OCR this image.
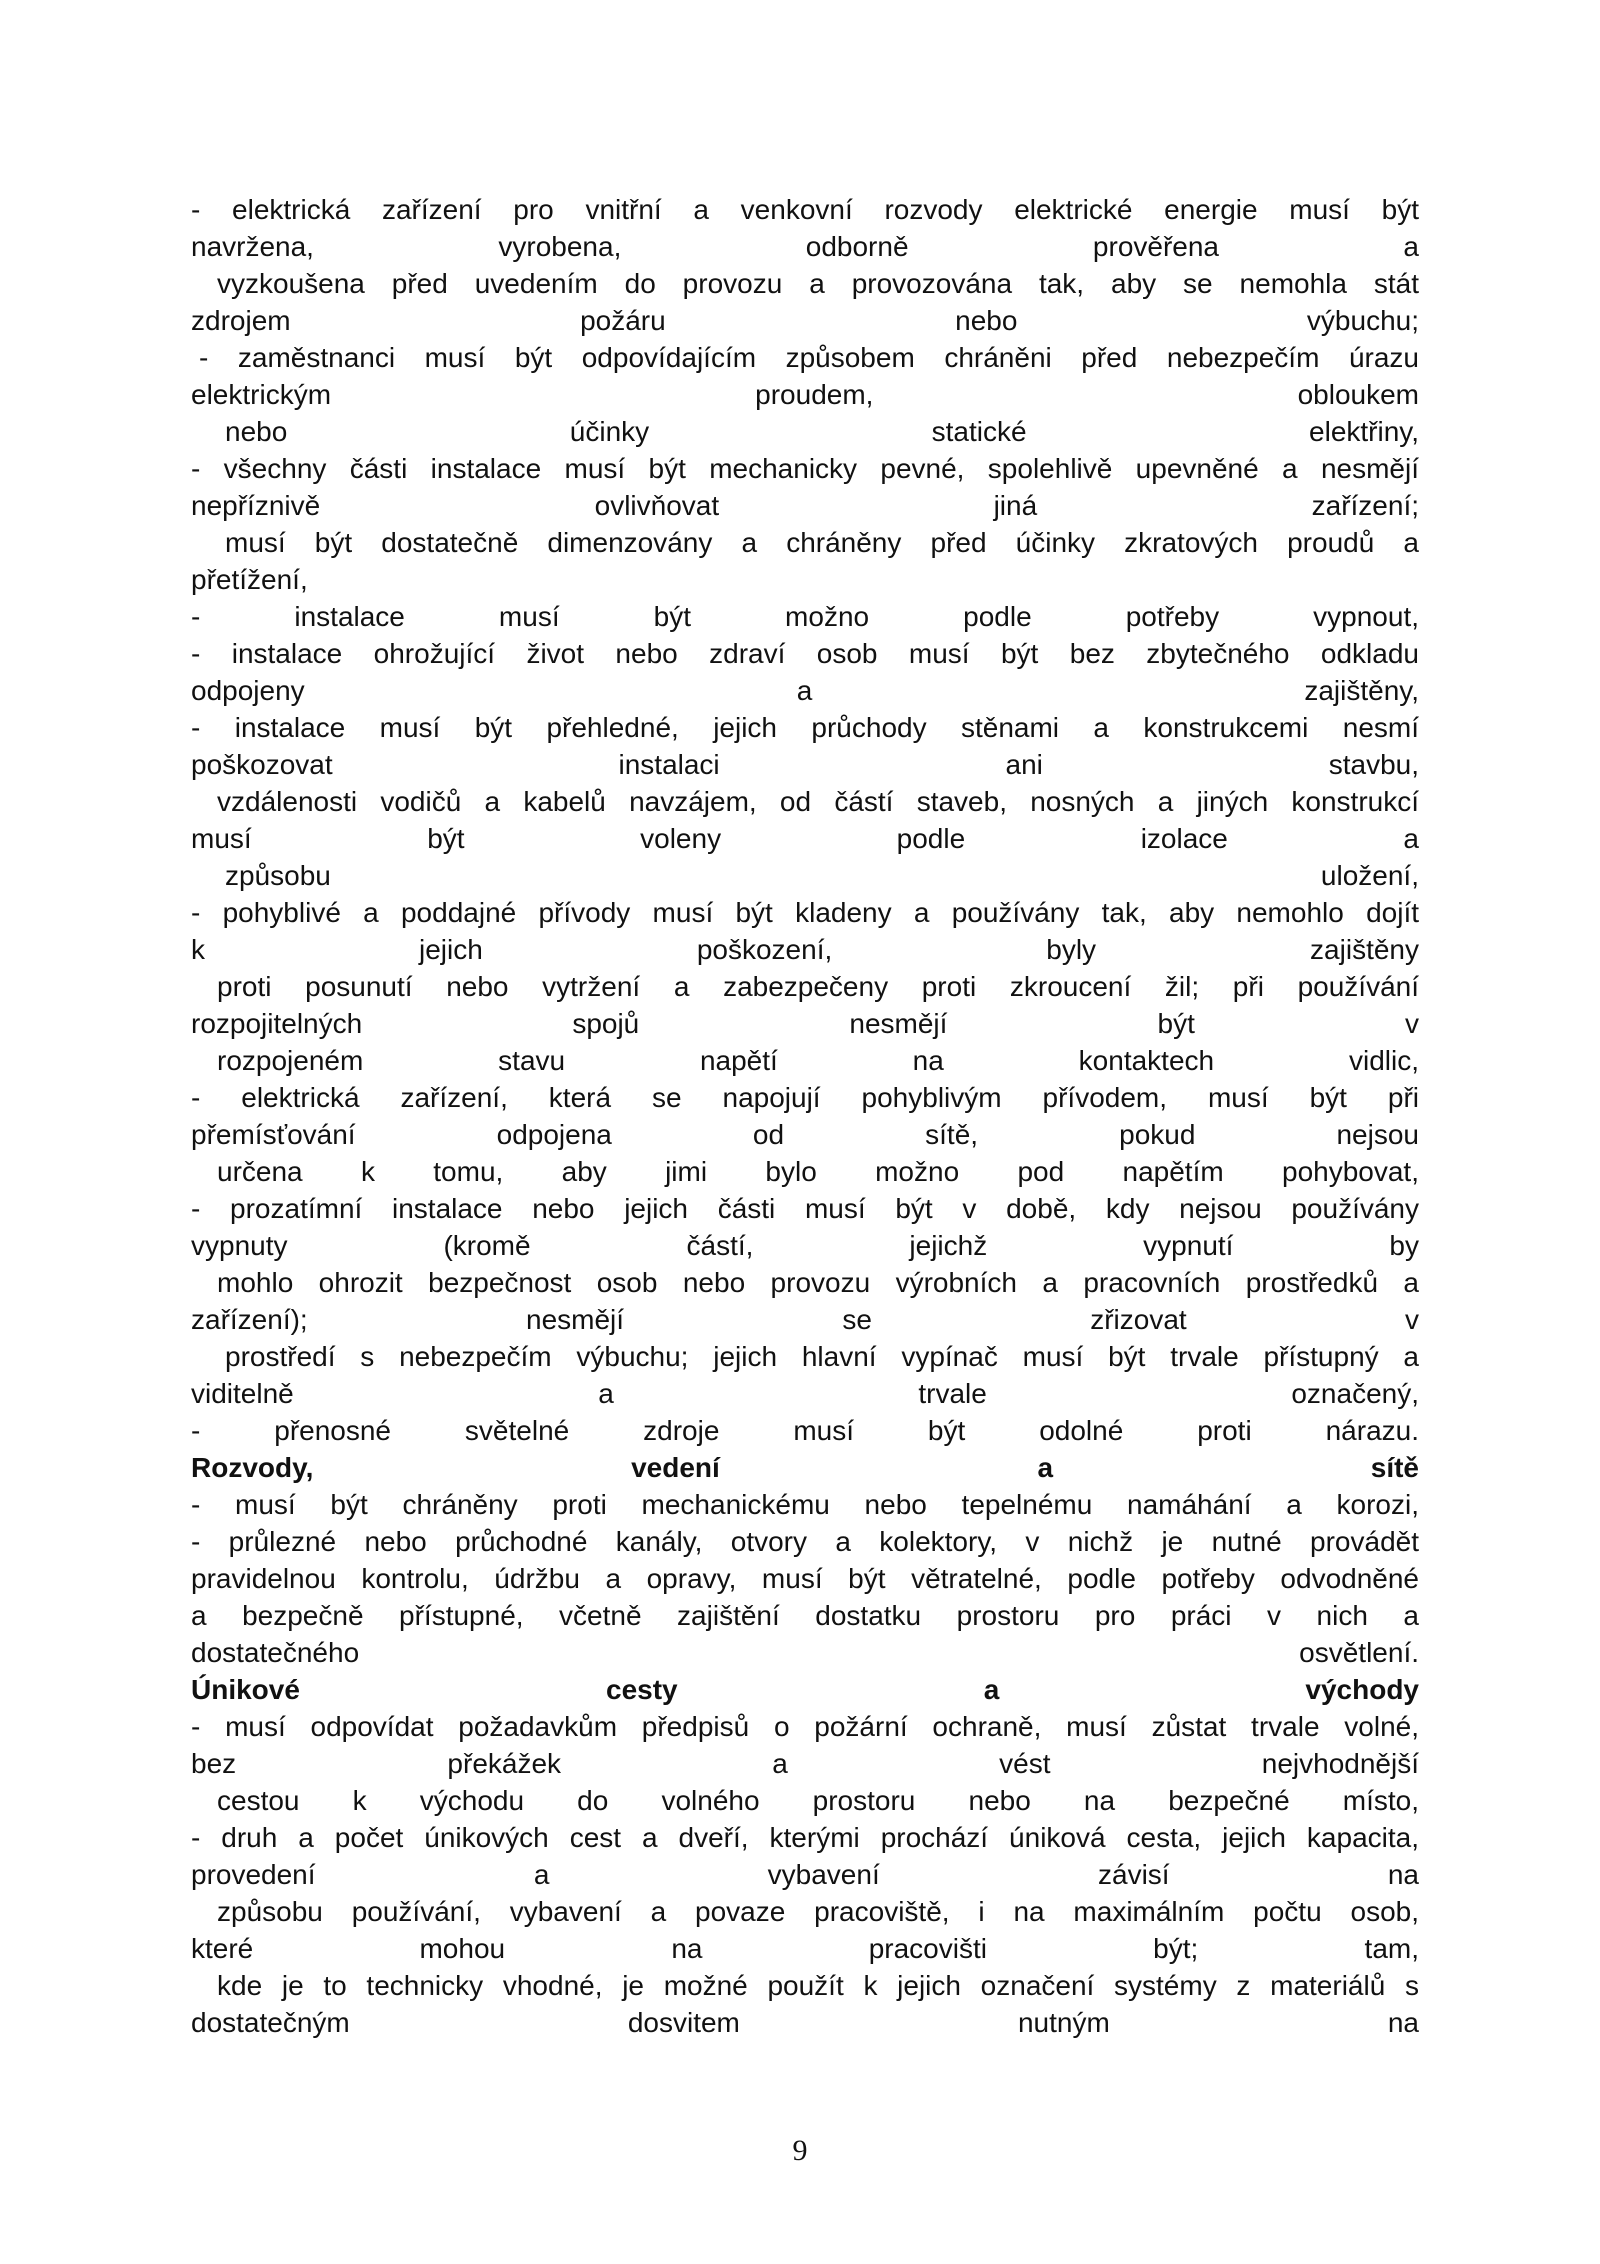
- elektrická zařízení pro vnitřní a venkovní rozvody elektrické energie musí být
navržena, vyrobena, odborně prověřena a
vyzkoušena před uvedením do provozu a provozována tak, aby se nemohla stát
zdrojem požáru nebo výbuchu;
- zaměstnanci musí být odpovídajícím způsobem chráněni před nebezpečím úrazu
elektrickým proudem, obloukem
nebo účinky statické elektřiny,
- všechny části instalace musí být mechanicky pevné, spolehlivě upevněné a nesmějí
nepříznivě ovlivňovat jiná zařízení;
musí být dostatečně dimenzovány a chráněny před účinky zkratových proudů a
přetížení,
- instalace musí být možno podle potřeby vypnout,
- instalace ohrožující život nebo zdraví osob musí být bez zbytečného odkladu
odpojeny a zajištěny,
- instalace musí být přehledné, jejich průchody stěnami a konstrukcemi nesmí
poškozovat instalaci ani stavbu,
vzdálenosti vodičů a kabelů navzájem, od částí staveb, nosných a jiných konstrukcí
musí být voleny podle izolace a
způsobu uložení,
- pohyblivé a poddajné přívody musí být kladeny a používány tak, aby nemohlo dojít
k jejich poškození, byly zajištěny
proti posunutí nebo vytržení a zabezpečeny proti zkroucení žil; při používání
rozpojitelných spojů nesmějí být v
rozpojeném stavu napětí na kontaktech vidlic,
- elektrická zařízení, která se napojují pohyblivým přívodem, musí být při
přemísťování odpojena od sítě, pokud nejsou
určena k tomu, aby jimi bylo možno pod napětím pohybovat,
- prozatímní instalace nebo jejich části musí být v době, kdy nejsou používány
vypnuty (kromě částí, jejichž vypnutí by
mohlo ohrozit bezpečnost osob nebo provozu výrobních a pracovních prostředků a
zařízení); nesmějí se zřizovat v
prostředí s nebezpečím výbuchu; jejich hlavní vypínač musí být trvale přístupný a
viditelně a trvale označený,
- přenosné světelné zdroje musí být odolné proti nárazu.
Rozvody, vedení a sítě
- musí být chráněny proti mechanickému nebo tepelnému namáhání a korozi,
- průlezné nebo průchodné kanály, otvory a kolektory, v nichž je nutné provádět
pravidelnou kontrolu, údržbu a opravy, musí být větratelné, podle potřeby odvodněné
a bezpečně přístupné, včetně zajištění dostatku prostoru pro práci v nich a
dostatečného osvětlení.
Únikové cesty a východy
- musí odpovídat požadavkům předpisů o požární ochraně, musí zůstat trvale volné,
bez překážek a vést nejvhodnější
cestou k východu do volného prostoru nebo na bezpečné místo,
- druh a počet únikových cest a dveří, kterými prochází úniková cesta, jejich kapacita,
provedení a vybavení závisí na
způsobu používání, vybavení a povaze pracoviště, i na maximálním počtu osob,
které mohou na pracovišti být; tam,
kde je to technicky vhodné, je možné použít k jejich označení systémy z materiálů s
dostatečným dosvitem nutným na
9
